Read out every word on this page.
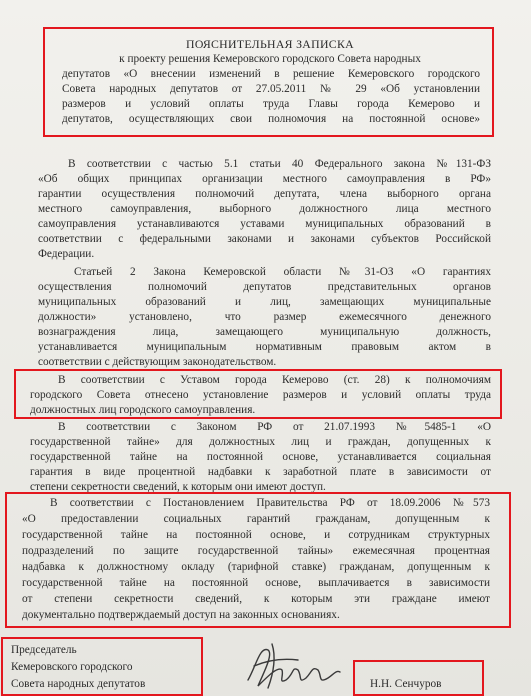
ПОЯСНИТЕЛЬНАЯ ЗАПИСКА
к проекту решения Кемеровского городского Совета народных
депутатов «О внесении изменений в решение Кемеровского городского
Совета народных депутатов от 27.05.2011 № 29 «Об установлении
размеров и условий оплаты труда Главы города Кемерово и
депутатов, осуществляющих свои полномочия на постоянной основе»
В соответствии с частью 5.1 статьи 40 Федерального закона №131-ФЗ
«Об общих принципах организации местного самоуправления в РФ»
гарантии осуществления полномочий депутата, члена выборного органа
местного самоуправления, выборного должностного лица местного
самоуправления устанавливаются уставами муниципальных образований в
соответствии с федеральными законами и законами субъектов Российской
Федерации.
Статьей 2 Закона Кемеровской области №31-ОЗ «О гарантиях
осуществления полномочий депутатов представительных органов
муниципальных образований и лиц, замещающих муниципальные
должности» установлено, что размер ежемесячного денежного
вознаграждения лица, замещающего муниципальную должность,
устанавливается муниципальным нормативным правовым актом в
соответствии с действующим законодательством.
В соответствии с Уставом города Кемерово (ст. 28) к полномочиям
городского Совета отнесено установление размеров и условий оплаты труда
должностных лиц городского самоуправления.
В соответствии с Законом РФ от 21.07.1993 №5485-1 «О
государственной тайне» для должностных лиц и граждан, допущенных к
государственной тайне на постоянной основе, устанавливается социальная
гарантия в виде процентной надбавки к заработной плате в зависимости от
степени секретности сведений, к которым они имеют доступ.
В соответствии с Постановлением Правительства РФ от 18.09.2006 №573
«О предоставлении социальных гарантий гражданам, допущенным к
государственной тайне на постоянной основе, и сотрудникам структурных
подразделений по защите государственной тайны» ежемесячная процентная
надбавка к должностному окладу (тарифной ставке) гражданам, допущенным к
государственной тайне на постоянной основе, выплачивается в зависимости
от степени секретности сведений, к которым эти граждане имеют
документально подтверждаемый доступ на законных основаниях.
Председатель
Кемеровского городского
Совета народных депутатов	Н.Н. Сенчуров
